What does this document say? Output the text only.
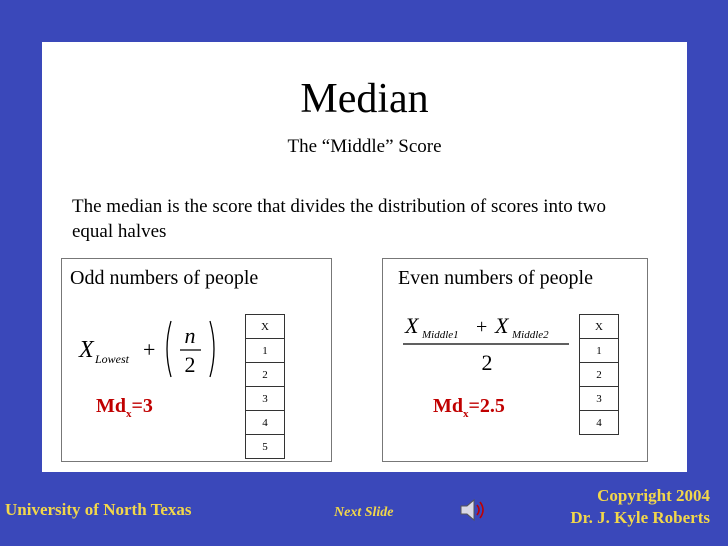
Median
The “Middle” Score
The median is the score that divides the distribution of scores into two equal halves
Odd numbers of people
X Lowest +
n
2
$Md_x=3$
X
1
2
3
4
5
Even numbers of people
X Middle1 + X Middle2
2
$Md_x=2.5$
X
1
2
3
4
University of North Texas	Next Slide
Copyright 2004
Dr. J. Kyle Roberts
